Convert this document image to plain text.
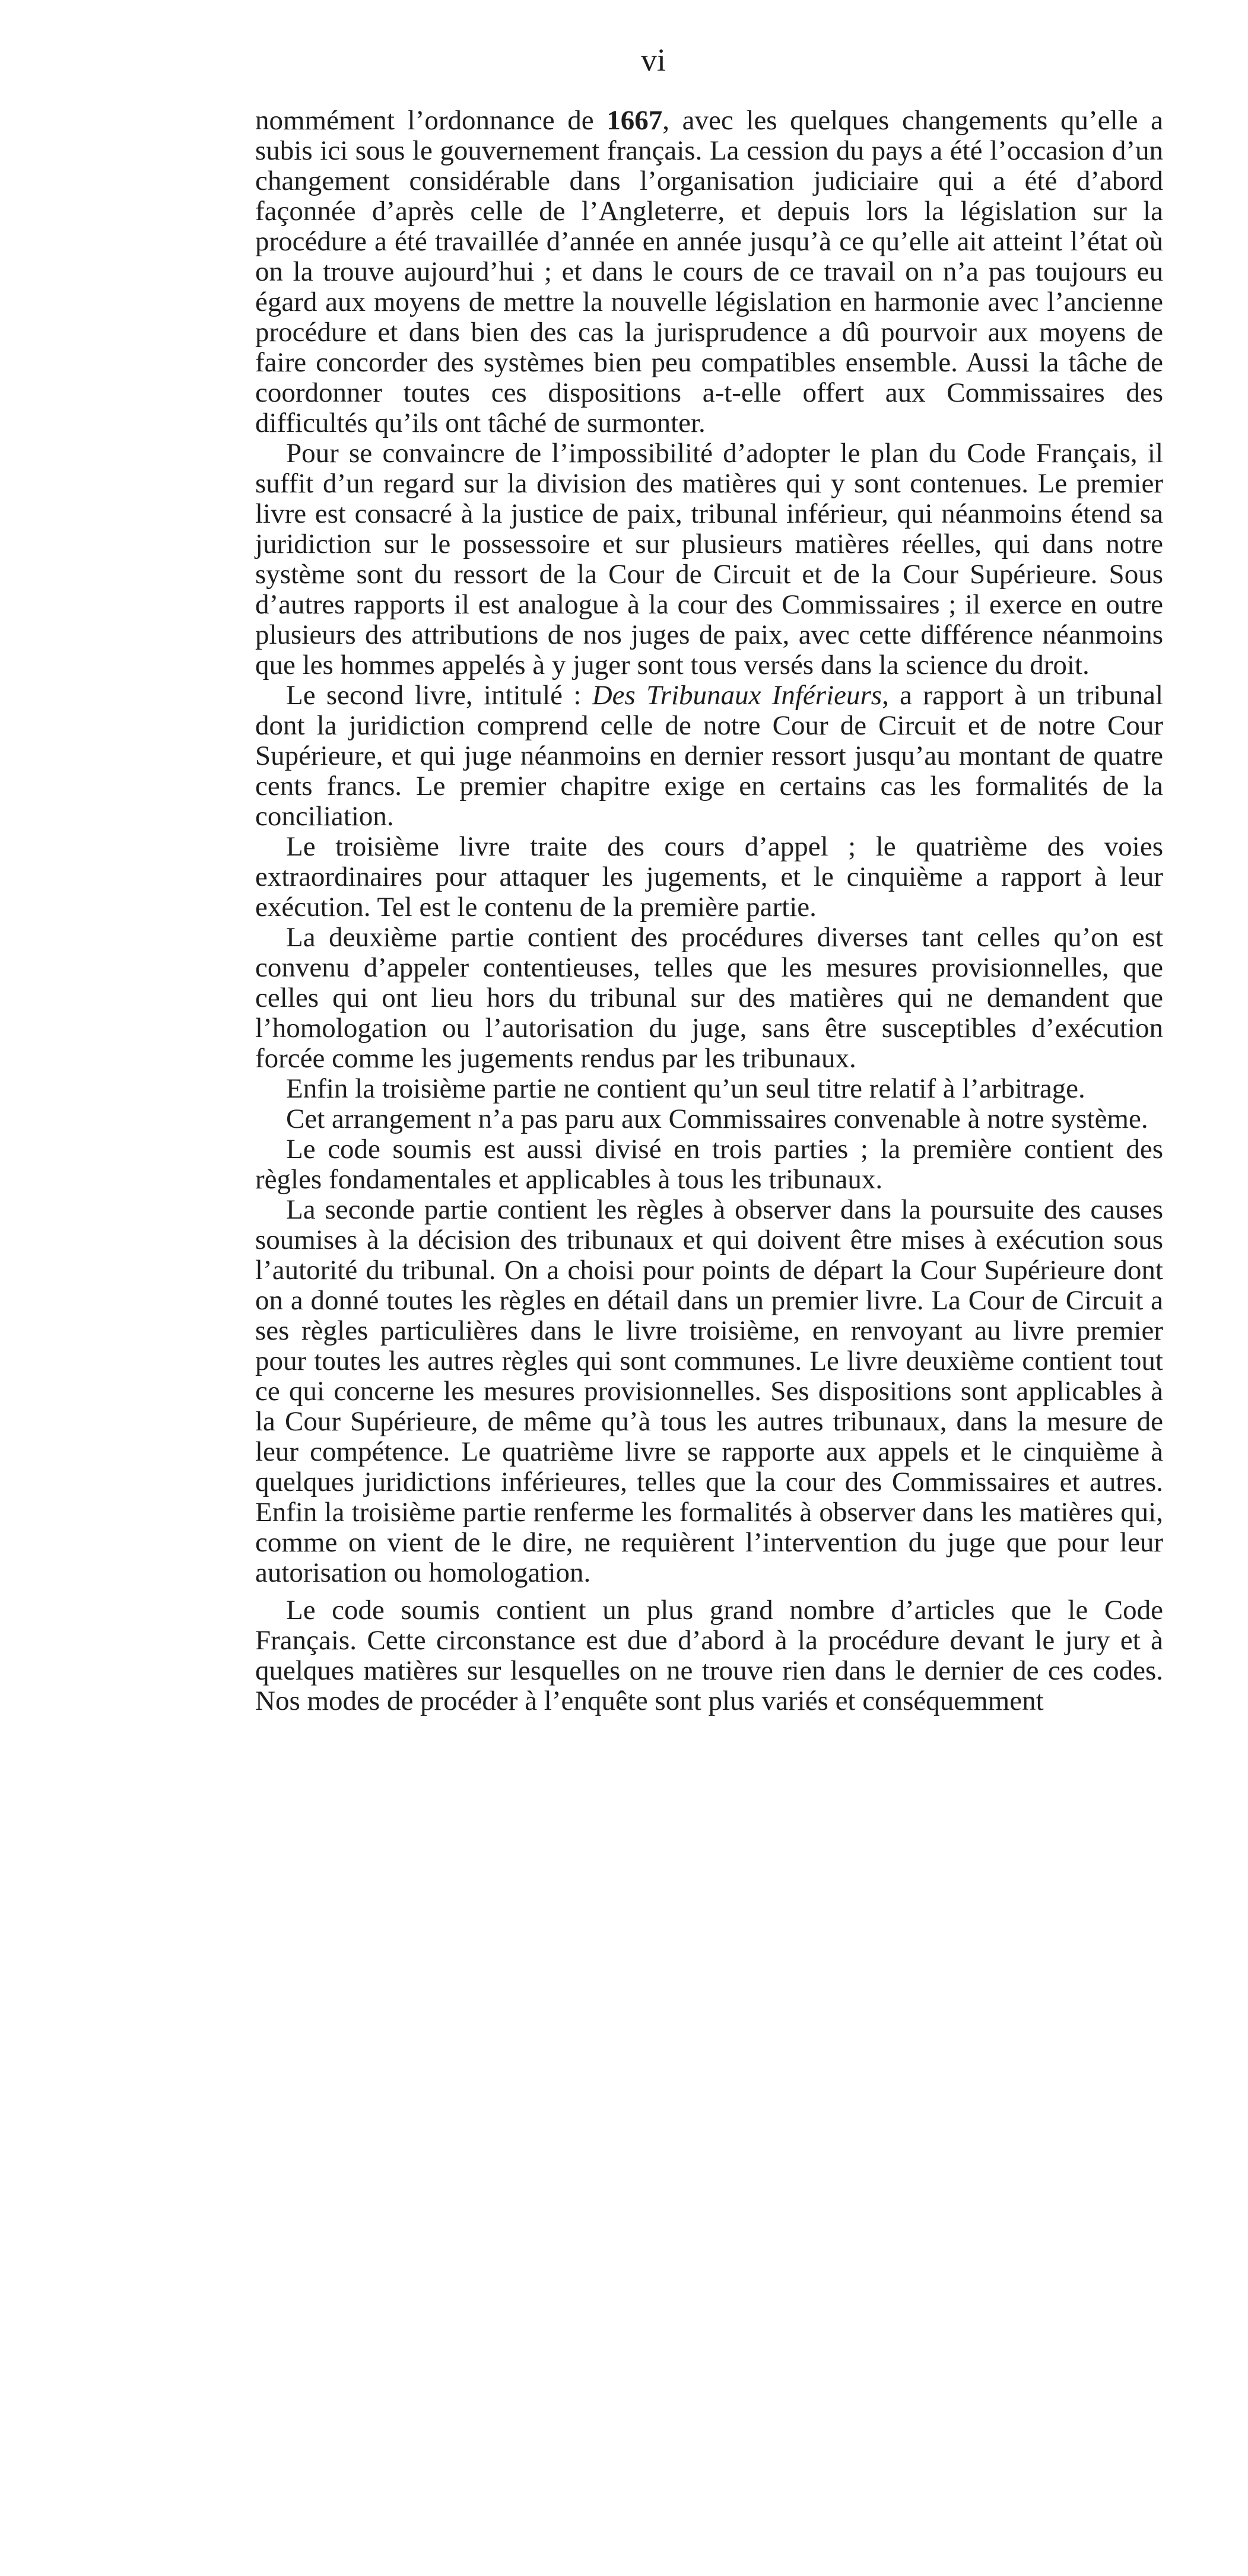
vi

nommément l’ordonnance de 1667, avec les quelques changements qu’elle a subis ici sous le gouvernement français. La cession du pays a été l’occasion d’un changement considérable dans l’organisation judiciaire qui a été d’abord façonnée d’après celle de l’Angleterre, et depuis lors la législation sur la procédure a été travaillée d’année en année jusqu’à ce qu’elle ait atteint l’état où on la trouve aujourd’hui ; et dans le cours de ce travail on n’a pas toujours eu égard aux moyens de mettre la nouvelle législation en harmonie avec l’ancienne procédure et dans bien des cas la jurisprudence a dû pourvoir aux moyens de faire concorder des systèmes bien peu compatibles ensemble. Aussi la tâche de coordonner toutes ces dispositions a-t-elle offert aux Commissaires des difficultés qu’ils ont tâché de surmonter.

Pour se convaincre de l’impossibilité d’adopter le plan du Code Français, il suffit d’un regard sur la division des matières qui y sont contenues. Le premier livre est consacré à la justice de paix, tribunal inférieur, qui néanmoins étend sa juridiction sur le possessoire et sur plusieurs matières réelles, qui dans notre système sont du ressort de la Cour de Circuit et de la Cour Supérieure. Sous d’autres rapports il est analogue à la cour des Commissaires ; il exerce en outre plusieurs des attributions de nos juges de paix, avec cette différence néanmoins que les hommes appelés à y juger sont tous versés dans la science du droit.

Le second livre, intitulé : Des Tribunaux Inférieurs, a rapport à un tribunal dont la juridiction comprend celle de notre Cour de Circuit et de notre Cour Supérieure, et qui juge néanmoins en dernier ressort jusqu’au montant de quatre cents francs. Le premier chapitre exige en certains cas les formalités de la conciliation.

Le troisième livre traite des cours d’appel ; le quatrième des voies extraordinaires pour attaquer les jugements, et le cinquième a rapport à leur exécution. Tel est le contenu de la première partie.

La deuxième partie contient des procédures diverses tant celles qu’on est convenu d’appeler contentieuses, telles que les mesures provisionnelles, que celles qui ont lieu hors du tribunal sur des matières qui ne demandent que l’homologation ou l’autorisation du juge, sans être susceptibles d’exécution forcée comme les jugements rendus par les tribunaux.

Enfin la troisième partie ne contient qu’un seul titre relatif à l’arbitrage.

Cet arrangement n’a pas paru aux Commissaires convenable à notre système.

Le code soumis est aussi divisé en trois parties ; la première contient des règles fondamentales et applicables à tous les tribunaux.

La seconde partie contient les règles à observer dans la poursuite des causes soumises à la décision des tribunaux et qui doivent être mises à exécution sous l’autorité du tribunal. On a choisi pour points de départ la Cour Supérieure dont on a donné toutes les règles en détail dans un premier livre. La Cour de Circuit a ses règles particulières dans le livre troisième, en renvoyant au livre premier pour toutes les autres règles qui sont communes. Le livre deuxième contient tout ce qui concerne les mesures provisionnelles. Ses dispositions sont applicables à la Cour Supérieure, de même qu’à tous les autres tribunaux, dans la mesure de leur compétence. Le quatrième livre se rapporte aux appels et le cinquième à quelques juridictions inférieures, telles que la cour des Commissaires et autres. Enfin la troisième partie renferme les formalités à observer dans les matières qui, comme on vient de le dire, ne requièrent l’intervention du juge que pour leur autorisation ou homologation.

Le code soumis contient un plus grand nombre d’articles que le Code Français. Cette circonstance est due d’abord à la procédure devant le jury et à quelques matières sur lesquelles on ne trouve rien dans le dernier de ces codes. Nos modes de procéder à l’enquête sont plus variés et conséquemment
